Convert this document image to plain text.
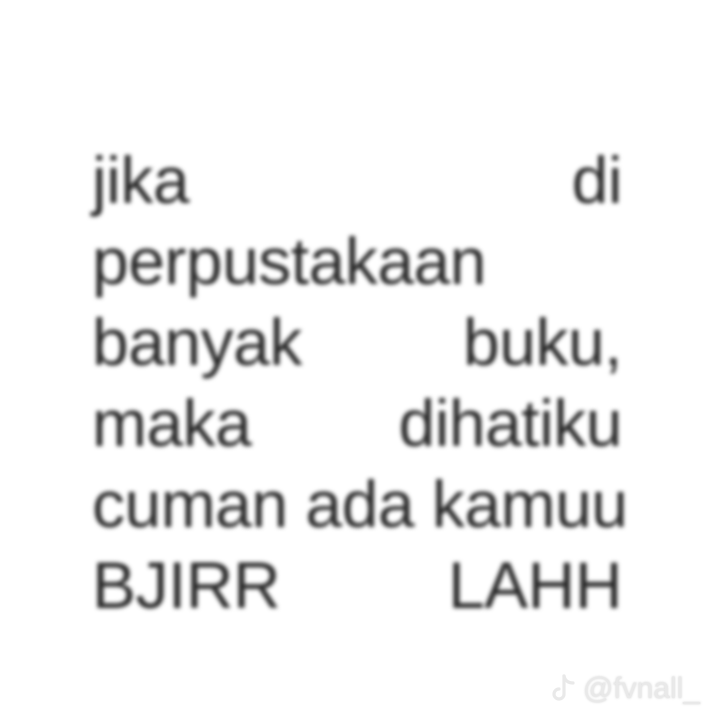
jika	di
perpustakaan
banyak buku,
maka dihatiku
cuman ada kamuu
BJIRR	LAHH
@fvnall_
